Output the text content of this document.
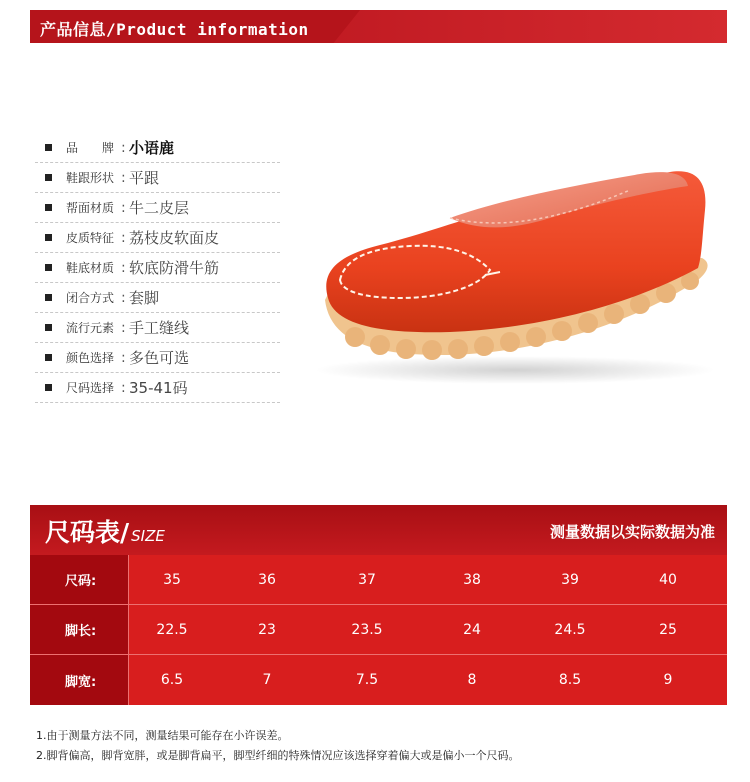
产品信息/Product information
品　　牌 : 小语鹿
鞋跟形状 : 平跟
帮面材质 : 牛二皮层
皮质特征 : 荔枝皮软面皮
鞋底材质 : 软底防滑牛筋
闭合方式 : 套脚
流行元素 : 手工缝线
颜色选择 : 多色可选
尺码选择 : 35-41码
尺码表/ SIZE	测量数据以实际数据为准
尺码:	35	36	37	38	39	40
脚长:	22.5	23	23.5	24	24.5	25
脚宽:	6.5	7	7.5	8	8.5	9
1.由于测量方法不同，测量结果可能存在小许误差。
2.脚背偏高，脚背宽胖，或是脚背扁平，脚型纤细的特殊情况应该选择穿着偏大或是偏小一个尺码。
